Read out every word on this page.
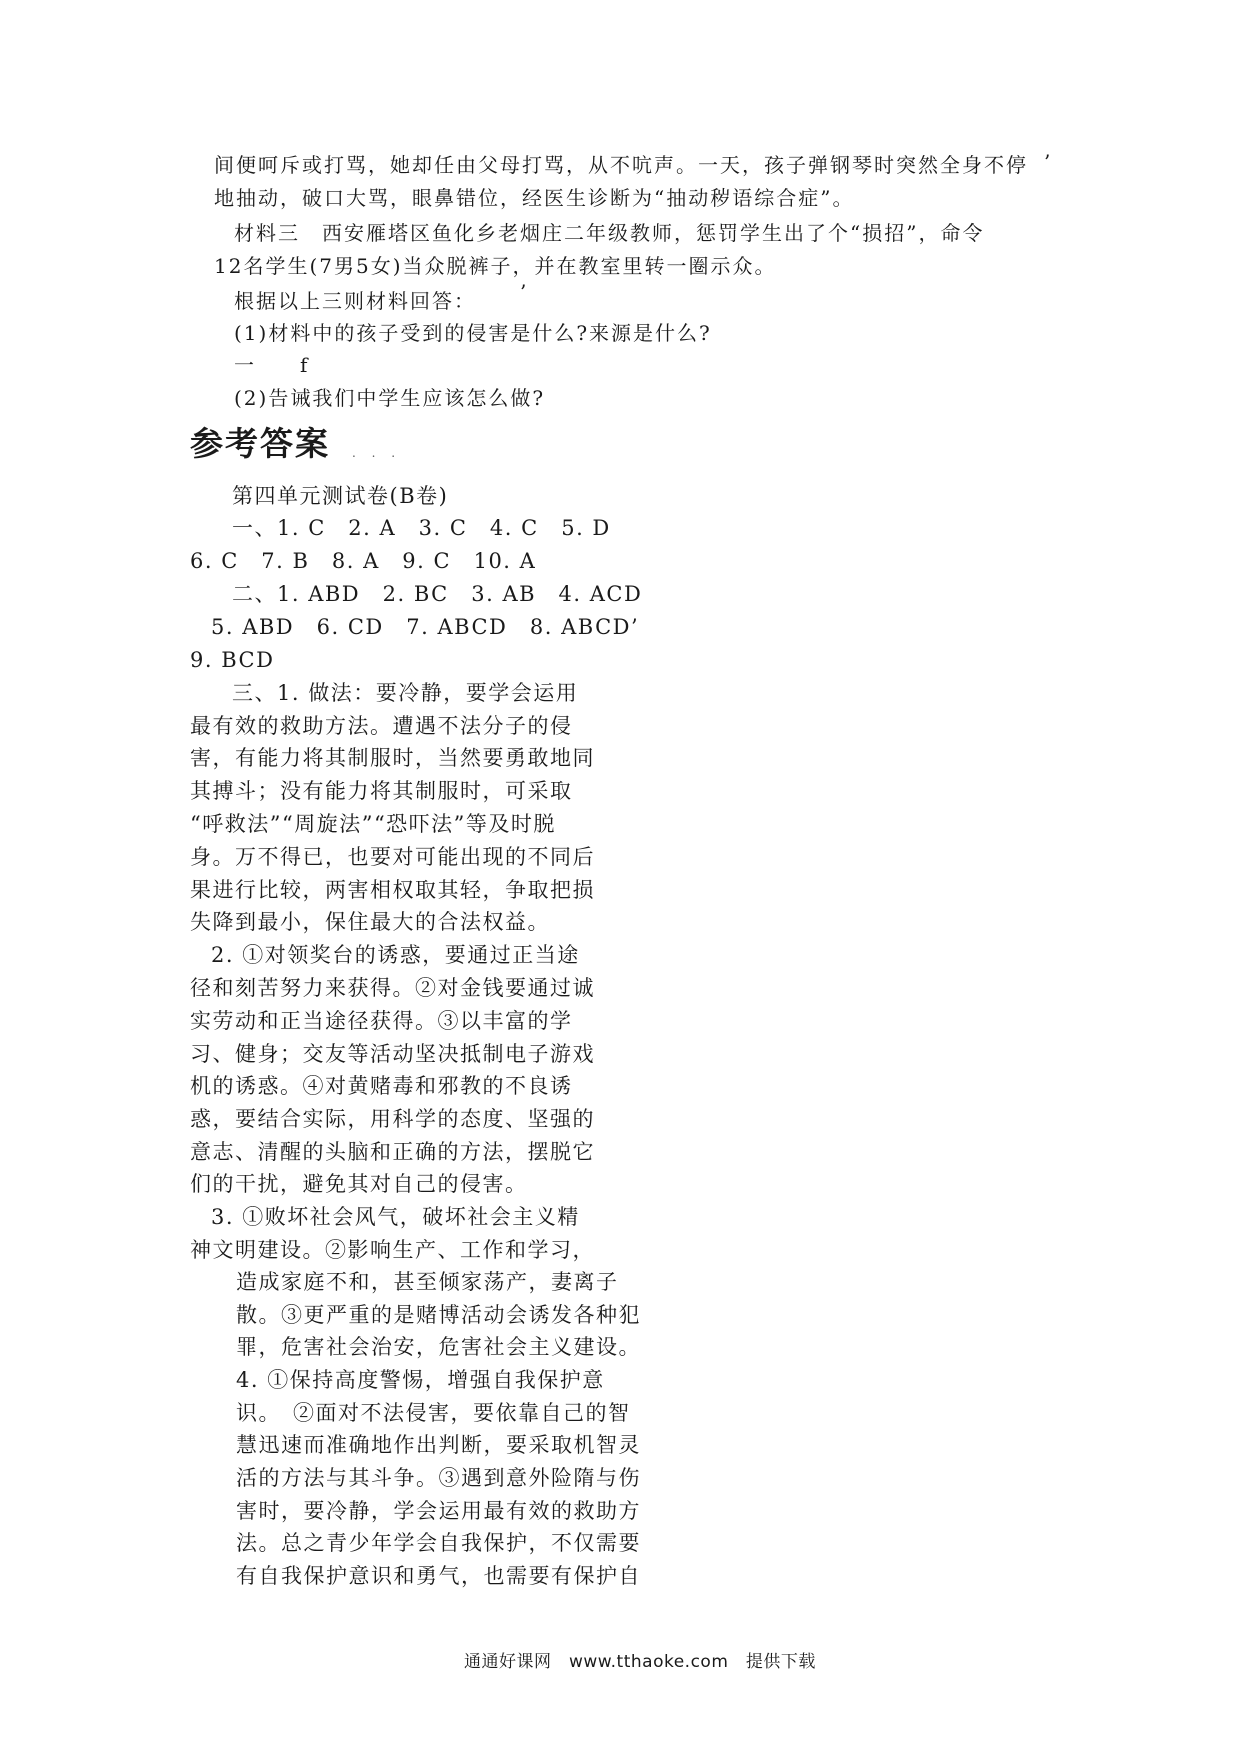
间便呵斥或打骂，她却任由父母打骂，从不吭声。一天，孩子弹钢琴时突然全身不停 ’
地抽动，破口大骂，眼鼻错位，经医生诊断为“抽动秽语综合症”。
材料三　西安雁塔区鱼化乡老烟庄二年级教师，惩罚学生出了个“损招”，命令
12名学生(7男5女)当众脱裤子，并在教室里转一圈示众。
根据以上三则材料回答： ’
(1)材料中的孩子受到的侵害是什么?来源是什么?
一　　f
(2)告诫我们中学生应该怎么做?
参考答案 . . .
第四单元测试卷(B卷)
一、1. C　2. A　3. C　4. C　5. D
6. C　7. B　8. A　9. C　10. A
二、1. ABD　2. BC　3. AB　4. ACD
5. ABD　6. CD　7. ABCD　8. ABCD’
9. BCD
三、1. 做法：要冷静，要学会运用
最有效的救助方法。遭遇不法分子的侵
害，有能力将其制服时，当然要勇敢地同
其搏斗；没有能力将其制服时，可采取
“呼救法”“周旋法”“恐吓法”等及时脱
身。万不得已，也要对可能出现的不同后
果进行比较，两害相权取其轻，争取把损
失降到最小，保住最大的合法权益。
2. ①对领奖台的诱惑，要通过正当途
径和刻苦努力来获得。②对金钱要通过诚
实劳动和正当途径获得。③以丰富的学
习、健身；交友等活动坚决抵制电子游戏
机的诱惑。④对黄赌毒和邪教的不良诱
惑，要结合实际，用科学的态度、坚强的
意志、清醒的头脑和正确的方法，摆脱它
们的干扰，避免其对自己的侵害。
3. ①败坏社会风气，破坏社会主义精
神文明建设。②影响生产、工作和学习，
造成家庭不和，甚至倾家荡产，妻离子
散。③更严重的是赌博活动会诱发各种犯
罪，危害社会治安，危害社会主义建设。
4. ①保持高度警惕，增强自我保护意
识。　②面对不法侵害，要依靠自己的智
慧迅速而准确地作出判断，要采取机智灵
活的方法与其斗争。③遇到意外险隋与伤
害时，要冷静，学会运用最有效的救助方
法。总之青少年学会自我保护，不仅需要
有自我保护意识和勇气，也需要有保护自
通通好课网　www.tthaoke.com　提供下载
